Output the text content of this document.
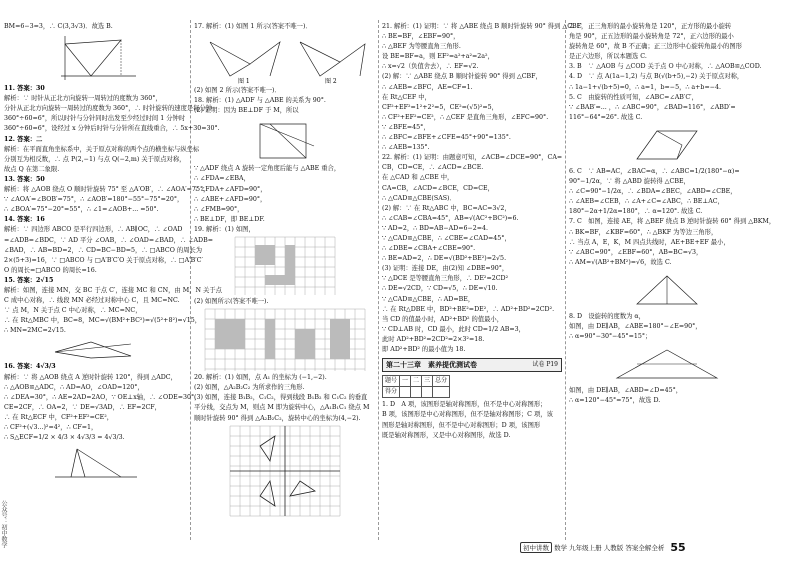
BM=6−3=3，∴ C(3,3√3)．故选 B.

11. 答案：30

解析：∵ 时针从正北方向旋转一周转过的度数为 360°，

分针从正北方向旋转一周转过的度数为 360°，∴ 时针旋转的速度是每分钟

360°÷60=6°，所以时针与分针同时出发至少经过时间 1 分钟时

360°÷60=6°，设经过 x 分钟后时针与分针所在直线重合，∴ 5x+30=30°.

12. 答案：二

解析：在平面直角坐标系中，关于原点对称的两个点的横坐标与纵坐标

分别互为相反数，∴ 点 P(2,−1) 与点 Q(−2,m) 关于原点对称，

故点 Q 在第二象限.

13. 答案：50

解析：将 △AOB 绕点 O 顺时针旋转 75° 至 △A′OB′，∴ ∠AOA′=75°，

∵ ∠AOA′=∠BOB′=75°，∴ ∠AOB′=180°−55°−75°=20°，

∴ ∠BOA′=75°−20°=55°，∴ ∠1=∠AOB+... =50°.

14. 答案：16

解析：∵ 四边形 ABCO 是平行四边形，∴ AB∥OC，∴ ∠OAD

=∠ADB=∠BDC，∵ AD 平分 ∠OAB，∴ ∠OAD=∠BAD，∴ ∠ADB=

∠BAD，∴ AB=BD=2，∴ CD=BC−BD=5，∴ □ABCO 的周长为

2×(5+3)=16，∵ □ABCO 与 □A′B′C′O 关于原点对称，∴ □A′B′C′

O 的周长=□ABCO 的周长=16.

15. 答案：2√15

解析：如图，连接 MN，交 BC 于点 C′，连接 MC 和 CN，由 M，N 关于点

C 成中心对称，∴ 线段 MN 必经过对称中心 C，且 MC=NC.

∵ 点 M，N 关于点 C 中心对称，∴ MC=NC，

∴ 在 Rt△MBC 中，BC=8，MC=√(BM²+BC²)=√(5²+8²)=√15，

∴ MN=2MC=2√15.

16. 答案：4√3/3

解析：∵ 将 △AOB 绕点 A 逆时针旋转 120°，得到 △ADC，

∴ △AOB≌△ADC，∴ AD=AO，∠OAD=120°，

∴ ∠DEA=30°，∴ AE=2AD=2AO，∵ OE⊥x轴，∴ ∠ODE=30°，

CE=2CF，∴ OA=2，∵ DE=√3AD，∴ EF=2CF，

∴ 在 Rt△ECF 中，CF²+EF²=CE²，

∴ CF²+(√3...)²=4²，∴ CF=1，

∴ S△ECF=1/2 × 4/3 × 4√3/3 = 4√3/3.

17. 解析：(1) 如图 1 所示(答案不唯一)．

图 1	图 2

(2) 如图 2 所示(答案不唯一)．

18. 解析：(1) △ADF 与 △ABE 的关系为 90°.

(2) 证明：因为 BE⊥DF 于 M，所以

∵ △ADF 绕点 A 旋转一定角度后能与 △ABE 重合，

∴ ∠FDA=∠EBA，

∵ ∠FDA+∠AFD=90°，

∴ ∠ABE+∠AFD=90°，

∴ ∠FMB=90°，

∴ BE⊥DF，即 BE⊥DF.

19. 解析：(1) 如图，

(2) 如图所示(答案不唯一).

20. 解析：(1) 如图，点 A₁ 的坐标为 (−1,−2).

(2) 如图，△A₂B₂C₂ 为所求作的三角形.

(3) 如图，连接 B₁B₂，C₁C₂，得到线段 B₁B₂ 和 C₁C₂ 的垂直

平分线，交点为 M，则点 M 即为旋转中心，△A₁B₁C₁ 绕点 M

顺时针旋转 90° 得到 △A₂B₂C₂，旋转中心的坐标为(4,−2).

21. 解析：(1) 证明：∵ 将 △ABE 绕点 B 顺时针旋转 90° 得到 △CBF，

∴ BE=BF，∠EBF=90°，

∴ △BEF 为等腰直角三角形.

设 BE=BF=a，则 EF²=a²+a²=2a²，

∴ x=√2（负值舍去），∴ EF=√2.

(2) 解：∵ △ABE 绕点 B 顺时针旋转 90° 得到 △CBF，

∴ ∠AEB=∠BFC，AE=CF=1.

在 Rt△CEF 中，

CF²+EF²=1²+2²=5，CE²=(√5)²=5，

∴ CF²+EF²=CE²，∴ △CEF 是直角三角形，∠EFC=90°.

∵ ∠BFE=45°，

∴ ∠BFC=∠BFE+∠CFE=45°+90°=135°.

∴ ∠AEB=135°.

22. 解析：(1) 证明：由题意可知，∠ACB=∠DCE=90°，CA=

CB，CD=CE，∴ ∠ACD=∠BCE.

在 △CAD 和 △CBE 中，

CA=CB，∠ACD=∠BCE，CD=CE，

∴ △CAD≌△CBE(SAS)．

(2) 解：∵ 在 Rt△ABC 中，BC=AC=3√2，

∴ ∠CAB=∠CBA=45°，AB=√(AC²+BC²)=6.

∵ AD=2，∴ BD=AB−AD=6−2=4.

∵ △CAD≌△CBE，∴ ∠CBE=∠CAD=45°，

∴ ∠DBE=∠CBA+∠CBE=90°.

∴ BE=AD=2，∴ DE=√(BD²+BE²)=2√5.

(3) 证明：连接 DE，由(2)知 ∠DBE=90°，

∵ △DCE 是等腰直角三角形，∴ DE²=2CD²

∴ DE=√2CD，∵ CD=√5，∴ DE=√10.

∵ △CAD≌△CBE，∴ AD=BE，

∴ 在 Rt△DBE 中，BD²+BE²=DE²，∴ AD²+BD²=2CD².

当 CD 的值最小时，AD²+BD² 的值最小，

∵ CD⊥AB 时，CD 最小，此时 CD=1/2 AB=3，

此时 AD²+BD²=2CD²=2×3²=18.

即 AD²+BD² 的最小值为 18.

第二十三章　素养提优测试卷	试卷 P19
题号	一	二	三	总分
得分				

1. D　A 项，该图形是轴对称图形，但不是中心对称图形；

B 项，该图形是中心对称图形，但不是轴对称图形；C 项，该

图形是轴对称图形，但不是中心对称图形；D 项，该图形

既是轴对称图形，又是中心对称图形，故选 D.

2. C　正三角形的最小旋转角是 120°，正方形的最小旋转

角是 90°，正五边形的最小旋转角是 72°，正六边形的最小

旋转角是 60°，故 B 不正确；正三边形中心旋转角最小的图形

是正六边形，所以本题选 C.

3. B　∵ △AOB 与 △COD 关于点 O 中心对称，∴ △AOB≌△COD.

4. D　∵ 点 A(1a−1,2) 与点 B(√(b+5),−2) 关于原点对称，

∴ 1a−1+√(b+5)=0，∴ a=1，b=−5，∴ a+b=−4.

5. C　由旋转的性质可知，∠ABC=∠AB′C′，

∵ ∠BAB′=... ，∴ ∠ABC=90°，∠BAD=116°，∠ABD′=

116°−64°=26°. 故选 C.

6. C　∵ AB=AC，∠BAC=α，∴ ∠ABC=1/2(180°−α)=

90°−1/2α，∵ 将 △ABD 旋转得 △CBE，

∴ ∠C=90°−1/2α，∴ ∠BDA=∠BEC，∠ABD=∠CBE，

∴ ∠AEB=∠CEB，∴ ∠A+∠C=∠ABC，∴ BE⊥AC，

180°−2α+1/2α=180°，∴ α=120°. 故选 C.

7. C　如图，连接 AE，将 △BEF 绕点 B 逆时针旋转 60° 得到 △BKM，

∴ BK=BF，∠KBF=60°，∴ △BKF 为等边三角形，

∴ 当点 A，E，K，M 四点共线时，AE+BE+EF 最小，

∵ ∠ABC=90°，∠EBF=60°，AB=BC=√3，

∴ AM=√(AB²+BM²)=√6，故选 C.

8. D　设旋转的度数为 α，

如图，由 DE∥AB，∠ABE=180°−∠E=90°，

∴ α=90°−30°−45°=15°；

如图，由 DE∥AB，∠ABD=∠D=45°，

∴ α=120°−45°=75°，故选 D.

公众号：初中数学	初中讲数 数学 九年级上册 人教版 答案全解全析 55
